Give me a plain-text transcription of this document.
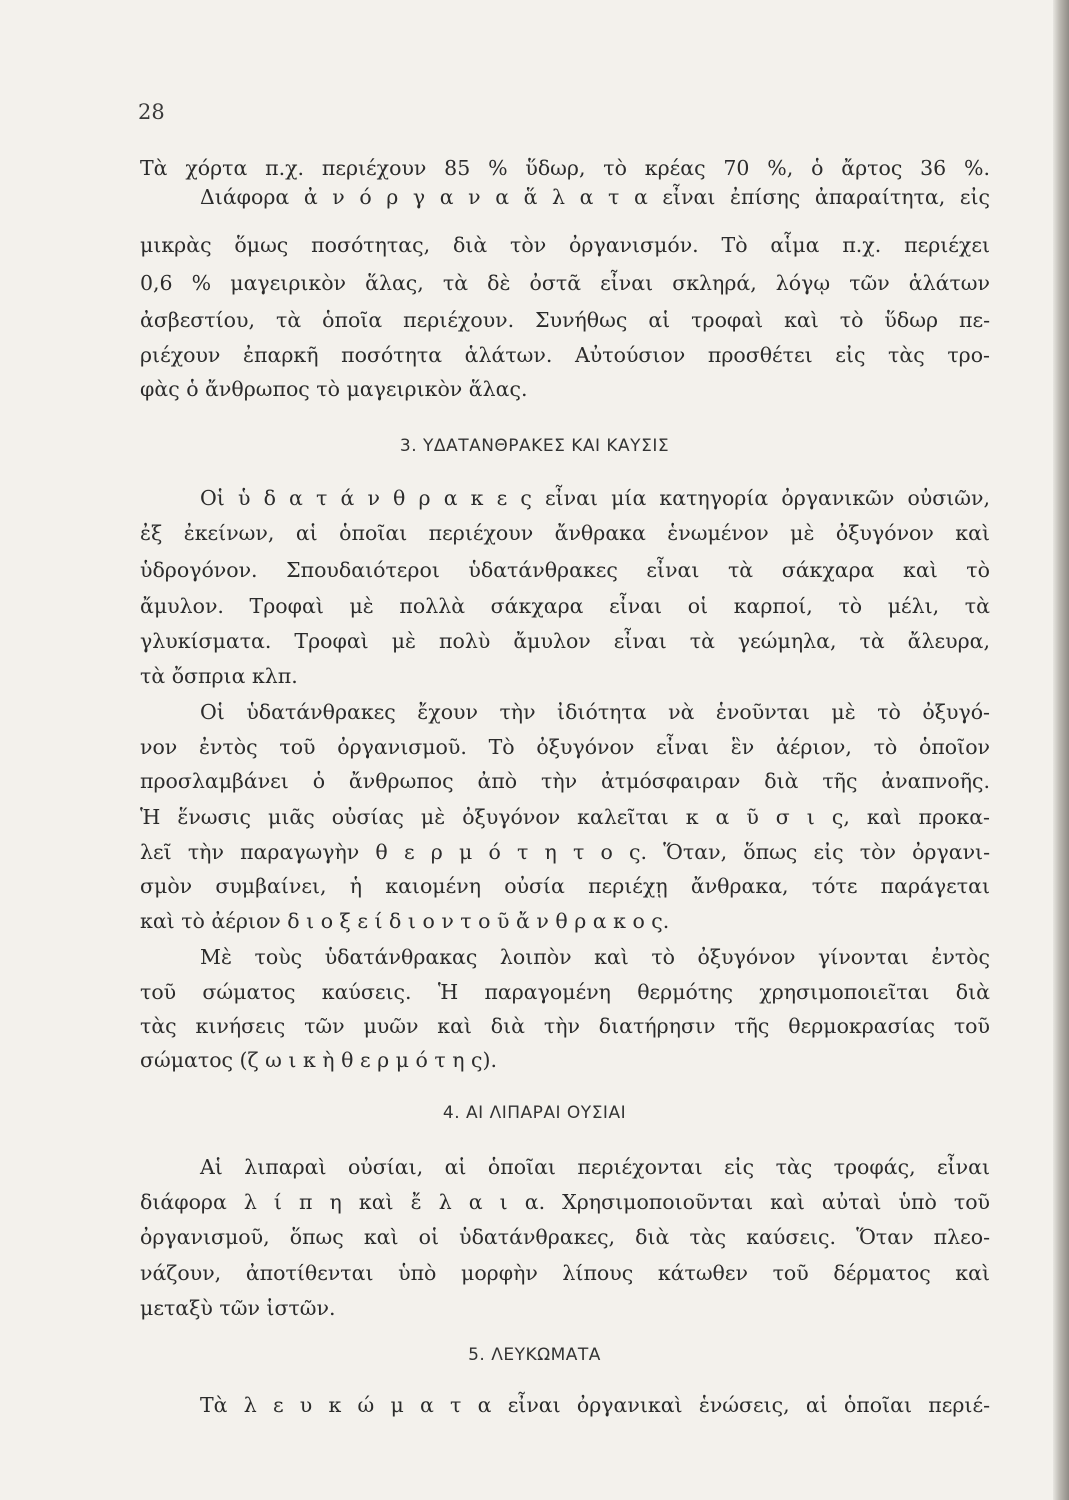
28
Τὰ χόρτα π.χ. περιέχουν 85 % ὕδωρ, τὸ κρέας 70 %, ὁ ἄρτος 36 %.
Διάφορα ἀ ν ό ρ γ α ν α ἅ λ α τ α εἶναι ἐπίσης ἀπαραίτητα, εἰς
μικρὰς ὅμως ποσότητας, διὰ τὸν ὀργανισμόν. Τὸ αἷμα π.χ. περιέχει
0,6 % μαγειρικὸν ἅλας, τὰ δὲ ὀστᾶ εἶναι σκληρά, λόγῳ τῶν ἁλάτων
ἀσβεστίου, τὰ ὁποῖα περιέχουν. Συνήθως αἱ τροφαὶ καὶ τὸ ὕδωρ πε-
ριέχουν ἐπαρκῆ ποσότητα ἁλάτων. Αὐτούσιον προσθέτει εἰς τὰς τρο-
φὰς ὁ ἄνθρωπος τὸ μαγειρικὸν ἅλας.
Οἱ ὑ δ α τ ά ν θ ρ α κ ε ς εἶναι μία κατηγορία ὀργανικῶν οὐσιῶν,
ἐξ ἐκείνων, αἱ ὁποῖαι περιέχουν ἄνθρακα ἑνωμένον μὲ ὀξυγόνον καὶ
ὑδρογόνον. Σπουδαιότεροι ὑδατάνθρακες εἶναι τὰ σάκχαρα καὶ τὸ
ἄμυλον. Τροφαὶ μὲ πολλὰ σάκχαρα εἶναι οἱ καρποί, τὸ μέλι, τὰ
γλυκίσματα. Τροφαὶ μὲ πολὺ ἄμυλον εἶναι τὰ γεώμηλα, τὰ ἄλευρα,
τὰ ὄσπρια κλπ.
Οἱ ὑδατάνθρακες ἔχουν τὴν ἰδιότητα νὰ ἑνοῦνται μὲ τὸ ὀξυγό-
νον ἐντὸς τοῦ ὀργανισμοῦ. Τὸ ὀξυγόνον εἶναι ἓν ἀέριον, τὸ ὁποῖον
προσλαμβάνει ὁ ἄνθρωπος ἀπὸ τὴν ἀτμόσφαιραν διὰ τῆς ἀναπνοῆς.
Ἡ ἕνωσις μιᾶς οὐσίας μὲ ὀξυγόνον καλεῖται κ α ῦ σ ι ς, καὶ προκα-
λεῖ τὴν παραγωγὴν θ ε ρ μ ό τ η τ ο ς. Ὅταν, ὅπως εἰς τὸν ὀργανι-
σμὸν συμβαίνει, ἡ καιομένη οὐσία περιέχῃ ἄνθρακα, τότε παράγεται
καὶ τὸ ἀέριον δ ι ο ξ ε ί δ ι ο ν τ ο ῦ ἄ ν θ ρ α κ ο ς.
Μὲ τοὺς ὑδατάνθρακας λοιπὸν καὶ τὸ ὀξυγόνον γίνονται ἐντὸς
τοῦ σώματος καύσεις. Ἡ παραγομένη θερμότης χρησιμοποιεῖται διὰ
τὰς κινήσεις τῶν μυῶν καὶ διὰ τὴν διατήρησιν τῆς θερμοκρασίας τοῦ
σώματος (ζ ω ι κ ὴ θ ε ρ μ ό τ η ς).
Αἱ λιπαραὶ οὐσίαι, αἱ ὁποῖαι περιέχονται εἰς τὰς τροφάς, εἶναι
διάφορα λ ί π η καὶ ἔ λ α ι α. Χρησιμοποιοῦνται καὶ αὐταὶ ὑπὸ τοῦ
ὀργανισμοῦ, ὅπως καὶ οἱ ὑδατάνθρακες, διὰ τὰς καύσεις. Ὅταν πλεο-
νάζουν, ἀποτίθενται ὑπὸ μορφὴν λίπους κάτωθεν τοῦ δέρματος καὶ
μεταξὺ τῶν ἱστῶν.
Τὰ λ ε υ κ ώ μ α τ α εἶναι ὀργανικαὶ ἑνώσεις, αἱ ὁποῖαι περιέ-
3. ΥΔΑΤΑΝΘΡΑΚΕΣ ΚΑΙ ΚΑΥΣΙΣ
4. ΑΙ ΛΙΠΑΡΑΙ ΟΥΣΙΑΙ
5. ΛΕΥΚΩΜΑΤΑ
